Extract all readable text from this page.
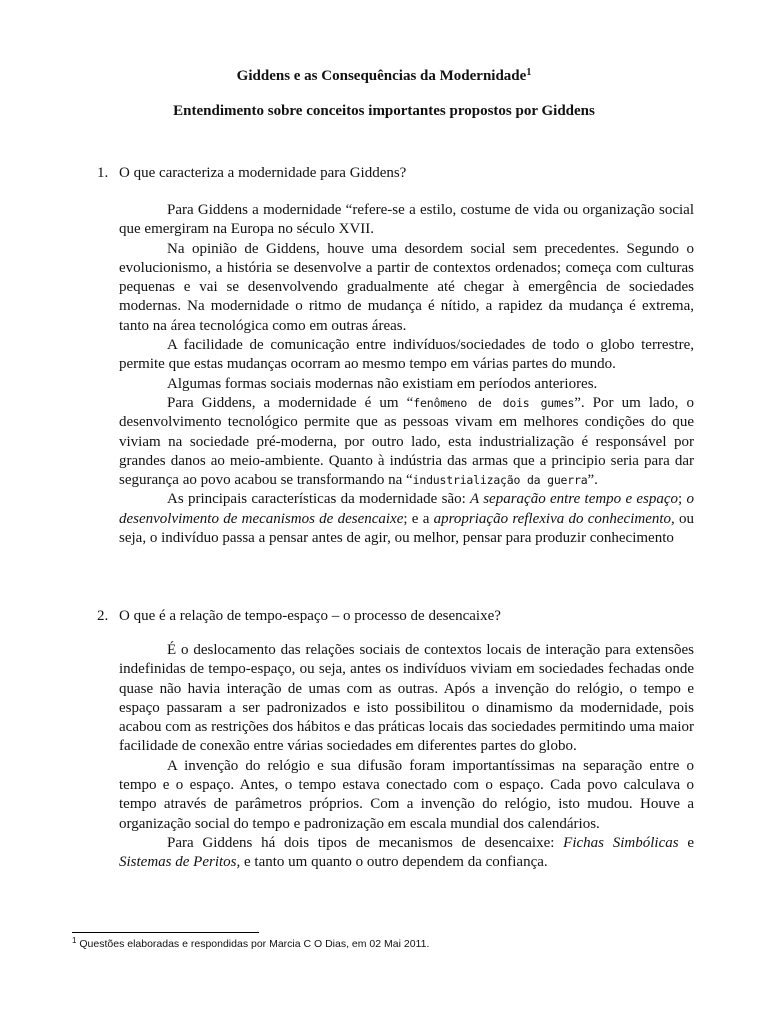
Giddens e as Consequências da Modernidade$^1$
Entendimento sobre conceitos importantes propostos por Giddens
1. O que caracteriza a modernidade para Giddens?

Para Giddens a modernidade “refere-se a estilo, costume de vida ou organização social que emergiram na Europa no século XVII.

Na opinião de Giddens, houve uma desordem social sem precedentes. Segundo o evolucionismo, a história se desenvolve a partir de contextos ordenados; começa com culturas pequenas e vai se desenvolvendo gradualmente até chegar à emergência de sociedades modernas. Na modernidade o ritmo de mudança é nítido, a rapidez da mudança é extrema, tanto na área tecnológica como em outras áreas.

A facilidade de comunicação entre indivíduos/sociedades de todo o globo terrestre, permite que estas mudanças ocorram ao mesmo tempo em várias partes do mundo.

Algumas formas sociais modernas não existiam em períodos anteriores.

Para Giddens, a modernidade é um “fenômeno de dois gumes”. Por um lado, o desenvolvimento tecnológico permite que as pessoas vivam em melhores condições do que viviam na sociedade pré-moderna, por outro lado, esta industrialização é responsável por grandes danos ao meio-ambiente. Quanto à indústria das armas que a principio seria para dar segurança ao povo acabou se transformando na “industrialização da guerra”.

As principais características da modernidade são: A separação entre tempo e espaço; o desenvolvimento de mecanismos de desencaixe; e a apropriação reflexiva do conhecimento, ou seja, o indivíduo passa a pensar antes de agir, ou melhor, pensar para produzir conhecimento

2. O que é a relação de tempo-espaço – o processo de desencaixe?

É o deslocamento das relações sociais de contextos locais de interação para extensões indefinidas de tempo-espaço, ou seja, antes os indivíduos viviam em sociedades fechadas onde quase não havia interação de umas com as outras. Após a invenção do relógio, o tempo e espaço passaram a ser padronizados e isto possibilitou o dinamismo da modernidade, pois acabou com as restrições dos hábitos e das práticas locais das sociedades permitindo uma maior facilidade de conexão entre várias sociedades em diferentes partes do globo.

A invenção do relógio e sua difusão foram importantíssimas na separação entre o tempo e o espaço. Antes, o tempo estava conectado com o espaço. Cada povo calculava o tempo através de parâmetros próprios. Com a invenção do relógio, isto mudou. Houve a organização social do tempo e padronização em escala mundial dos calendários.

Para Giddens há dois tipos de mecanismos de desencaixe: Fichas Simbólicas e Sistemas de Peritos, e tanto um quanto o outro dependem da confiança.

$^1$ Questões elaboradas e respondidas por Marcia C O Dias, em 02 Mai 2011.
